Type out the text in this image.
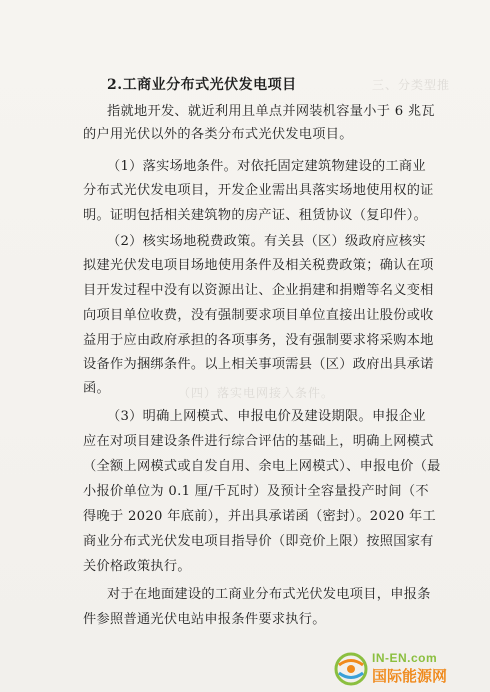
三、分类型推
（四）落实电网接入条件。
2.工商业分布式光伏发电项目
指就地开发、就近利用且单点并网装机容量小于 6 兆瓦
的户用光伏以外的各类分布式光伏发电项目。
（1）落实场地条件。对依托固定建筑物建设的工商业
分布式光伏发电项目，开发企业需出具落实场地使用权的证
明。证明包括相关建筑物的房产证、租赁协议（复印件）。
（2）核实场地税费政策。有关县（区）级政府应核实
拟建光伏发电项目场地使用条件及相关税费政策；确认在项
目开发过程中没有以资源出让、企业捐建和捐赠等名义变相
向项目单位收费，没有强制要求项目单位直接出让股份或收
益用于应由政府承担的各项事务，没有强制要求将采购本地
设备作为捆绑条件。以上相关事项需县（区）政府出具承诺
函。
（3）明确上网模式、申报电价及建设期限。申报企业
应在对项目建设条件进行综合评估的基础上，明确上网模式
（全额上网模式或自发自用、余电上网模式）、申报电价（最
小报价单位为 0.1 厘/千瓦时）及预计全容量投产时间（不
得晚于 2020 年底前），并出具承诺函（密封）。2020 年工
商业分布式光伏发电项目指导价（即竞价上限）按照国家有
关价格政策执行。
对于在地面建设的工商业分布式光伏发电项目，申报条
件参照普通光伏电站申报条件要求执行。
IN-EN.com
国际能源网
